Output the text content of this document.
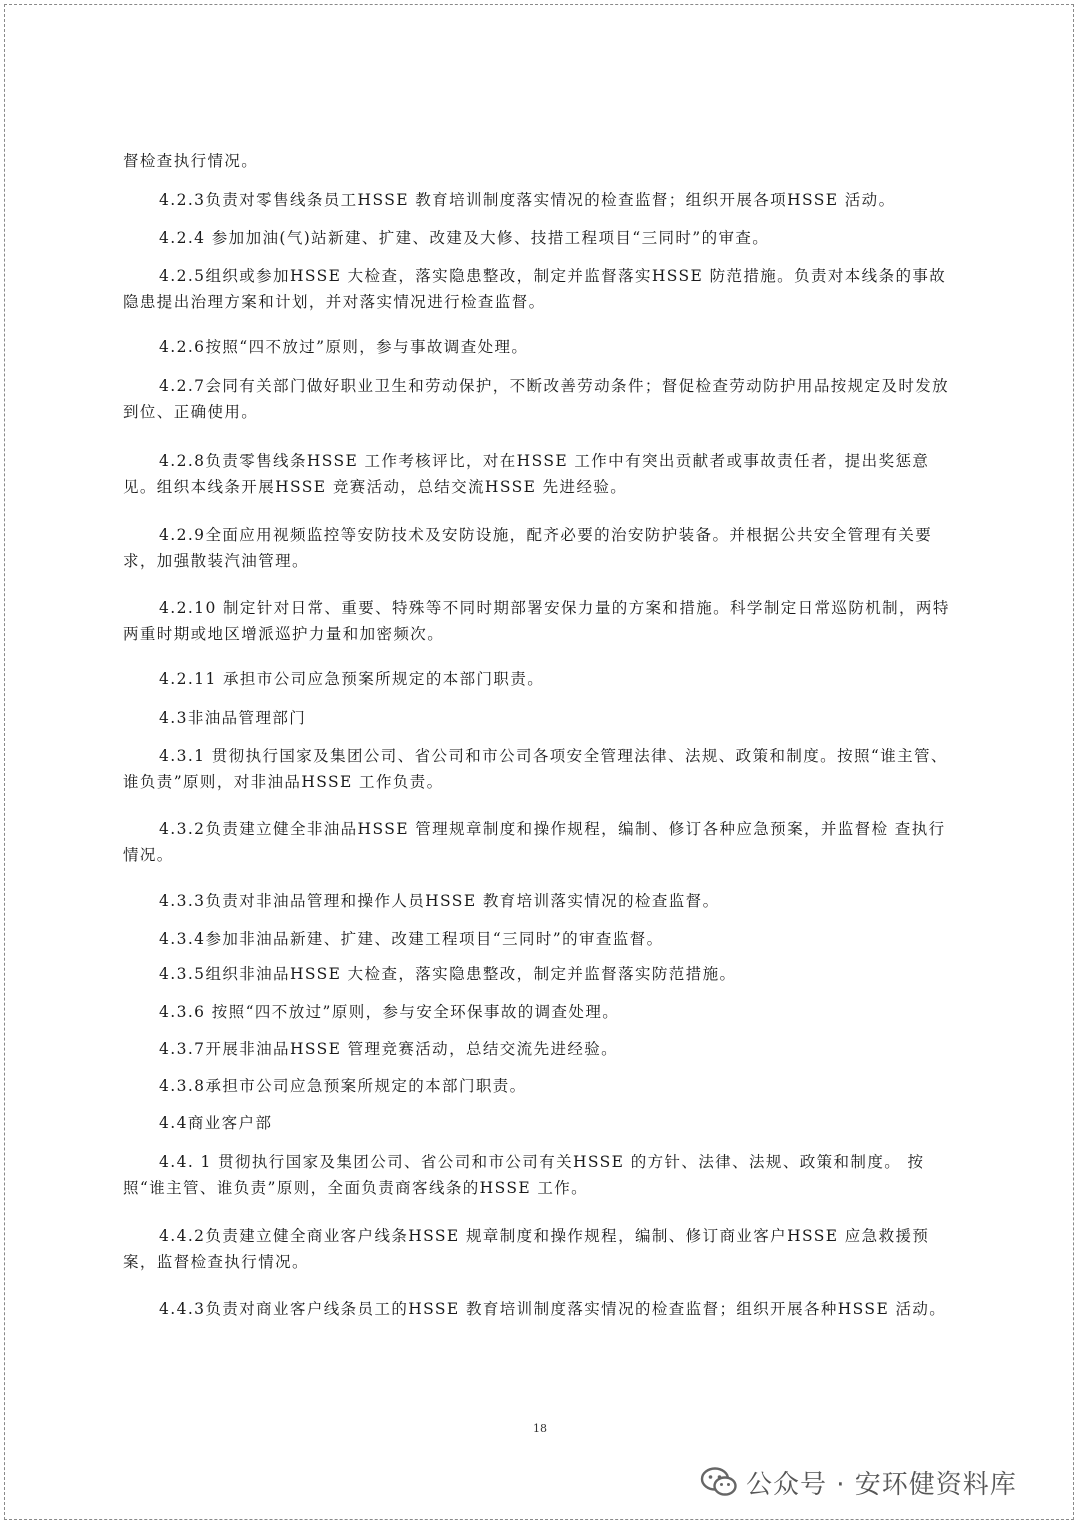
督检查执行情况。

4.2.3负责对零售线条员工HSSE 教育培训制度落实情况的检查监督；组织开展各项HSSE 活动。

4.2.4 参加加油(气)站新建、扩建、改建及大修、技措工程项目“三同时”的审查。

4.2.5组织或参加HSSE 大检查，落实隐患整改，制定并监督落实HSSE 防范措施。负责对本线条的事故隐患提出治理方案和计划，并对落实情况进行检查监督。

4.2.6按照“四不放过”原则，参与事故调查处理。

4.2.7会同有关部门做好职业卫生和劳动保护，不断改善劳动条件；督促检查劳动防护用品按规定及时发放到位、正确使用。

4.2.8负责零售线条HSSE 工作考核评比，对在HSSE 工作中有突出贡献者或事故责任者，提出奖惩意见。组织本线条开展HSSE 竞赛活动，总结交流HSSE 先进经验。

4.2.9全面应用视频监控等安防技术及安防设施，配齐必要的治安防护装备。并根据公共安全管理有关要求，加强散装汽油管理。

4.2.10 制定针对日常、重要、特殊等不同时期部署安保力量的方案和措施。科学制定日常巡防机制，两特两重时期或地区增派巡护力量和加密频次。

4.2.11 承担市公司应急预案所规定的本部门职责。

4.3非油品管理部门

4.3.1 贯彻执行国家及集团公司、省公司和市公司各项安全管理法律、法规、政策和制度。按照“谁主管、谁负责”原则，对非油品HSSE 工作负责。

4.3.2负责建立健全非油品HSSE 管理规章制度和操作规程，编制、修订各种应急预案，并监督检 查执行情况。

4.3.3负责对非油品管理和操作人员HSSE 教育培训落实情况的检查监督。

4.3.4参加非油品新建、扩建、改建工程项目“三同时”的审查监督。

4.3.5组织非油品HSSE 大检查，落实隐患整改，制定并监督落实防范措施。

4.3.6 按照“四不放过”原则，参与安全环保事故的调查处理。

4.3.7开展非油品HSSE 管理竞赛活动，总结交流先进经验。

4.3.8承担市公司应急预案所规定的本部门职责。

4.4商业客户部

4.4. 1 贯彻执行国家及集团公司、省公司和市公司有关HSSE 的方针、法律、法规、政策和制度。 按照“谁主管、谁负责”原则，全面负责商客线条的HSSE 工作。

4.4.2负责建立健全商业客户线条HSSE 规章制度和操作规程，编制、修订商业客户HSSE 应急救援预案，监督检查执行情况。

4.4.3负责对商业客户线条员工的HSSE 教育培训制度落实情况的检查监督；组织开展各种HSSE 活动。

18
公众号 · 安环健资料库
